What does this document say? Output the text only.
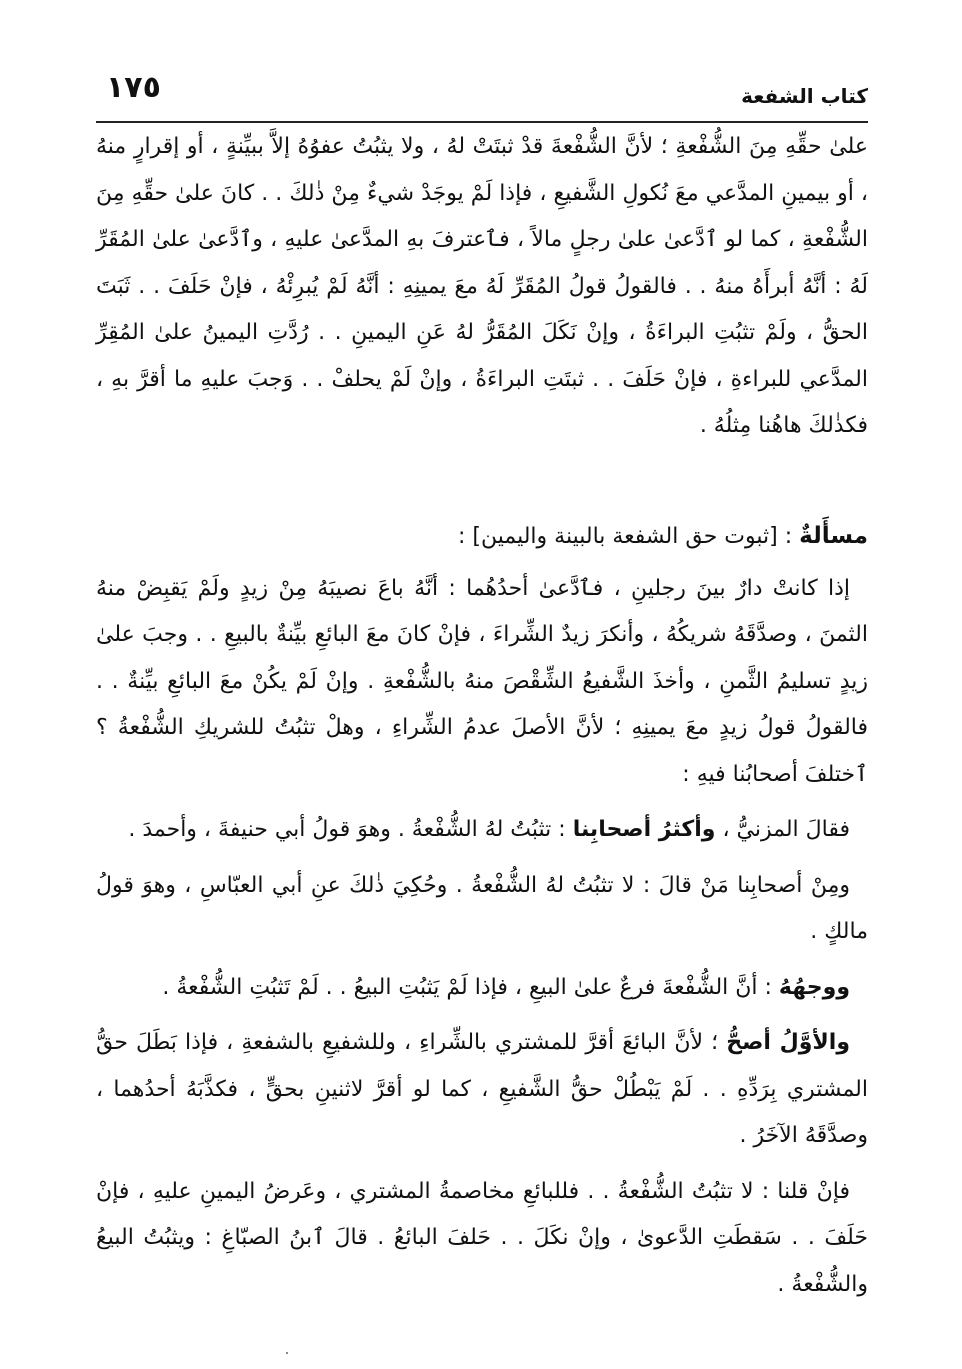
كتاب الشفعة
١٧٥

علىٰ حقِّهِ مِنَ الشُّفْعةِ ؛ لأنَّ الشُّفْعةَ قدْ ثبتَتْ لهُ ، ولا يثبُتُ عفوُهُ إلاَّ ببيِّنةٍ ، أو إقرارٍ منهُ ، أو بيمينِ المدَّعي معَ نُكولِ الشَّفيعِ ، فإذا لَمْ يوجَدْ شيءٌ مِنْ ذٰلكَ . . كانَ علىٰ حقِّهِ مِنَ الشُّفْعةِ ، كما لو ٱدَّعىٰ علىٰ رجلٍ مالاً ، فٱعترفَ بهِ المدَّعىٰ عليهِ ، وٱدَّعىٰ علىٰ المُقَرِّ لَهُ : أنَّهُ أبرأَهُ منهُ . . فالقولُ قولُ المُقَرِّ لَهُ معَ يمينِهِ : أنَّهُ لَمْ يُبرِئْهُ ، فإنْ حَلَفَ . . ثَبَتَ الحقُّ ، ولَمْ تثبُتِ البراءَةُ ، وإنْ نَكَلَ المُقَرُّ لهُ عَنِ اليمينِ . . رُدَّتِ اليمينُ علىٰ المُقِرِّ المدَّعي للبراءةِ ، فإنْ حَلَفَ . . ثبتَتِ البراءَةُ ، وإنْ لَمْ يحلفْ . . وَجبَ عليهِ ما أقرَّ بهِ ، فكذٰلكَ هاهُنا مِثلُهُ .

مسأَلةٌ : [ثبوت حق الشفعة بالبينة واليمين] :

إذا كانتْ دارٌ بينَ رجلينِ ، فٱدَّعىٰ أحدُهُما : أنَّهُ باعَ نصيبَهُ مِنْ زيدٍ ولَمْ يَقبِضْ منهُ الثمنَ ، وصدَّقَهُ شريكُهُ ، وأنكرَ زيدٌ الشِّراءَ ، فإنْ كانَ معَ البائعِ بيِّنةٌ بالبيعِ . . وجبَ علىٰ زيدٍ تسليمُ الثَّمنِ ، وأخذَ الشَّفيعُ الشِّقْصَ منهُ بالشُّفْعةِ . وإنْ لَمْ يكُنْ معَ البائعِ بيِّنةٌ . . فالقولُ قولُ زيدٍ معَ يمينِهِ ؛ لأنَّ الأصلَ عدمُ الشِّراءِ ، وهلْ تثبُتُ للشريكِ الشُّفْعةُ ؟ ٱختلفَ أصحابُنا فيهِ :

فقالَ المزنيُّ ، وأكثرُ أصحابِنا : تثبُتُ لهُ الشُّفْعةُ . وهوَ قولُ أبي حنيفةَ ، وأحمدَ .

ومِنْ أصحابِنا مَنْ قالَ : لا تثبُتُ لهُ الشُّفْعةُ . وحُكِيَ ذٰلكَ عنِ أبي العبّاسِ ، وهوَ قولُ مالكٍ .

ووجهُهُ : أنَّ الشُّفْعةَ فرعٌ علىٰ البيعِ ، فإذا لَمْ يَثبُتِ البيعُ . . لَمْ تَثبُتِ الشُّفْعةُ .

والأوَّلُ أصحُّ ؛ لأنَّ البائعَ أقرَّ للمشتري بالشِّراءِ ، وللشفيعِ بالشفعةِ ، فإذا بَطَلَ حقُّ المشتري بِرَدِّهِ . . لَمْ يَبْطُلْ حقُّ الشَّفيعِ ، كما لو أقرَّ لاثنينِ بحقٍّ ، فكذَّبَهُ أحدُهما ، وصدَّقَهُ الآخَرُ .

فإنْ قلنا : لا تثبُتُ الشُّفْعةُ . . فللبائعِ مخاصمةُ المشتري ، وعَرضُ اليمينِ عليهِ ، فإنْ حَلَفَ . . سَقطَتِ الدَّعوىٰ ، وإنْ نكَلَ . . حَلفَ البائعُ . قالَ ٱبنُ الصبّاغِ : ويثبُتُ البيعُ والشُّفْعةُ .
